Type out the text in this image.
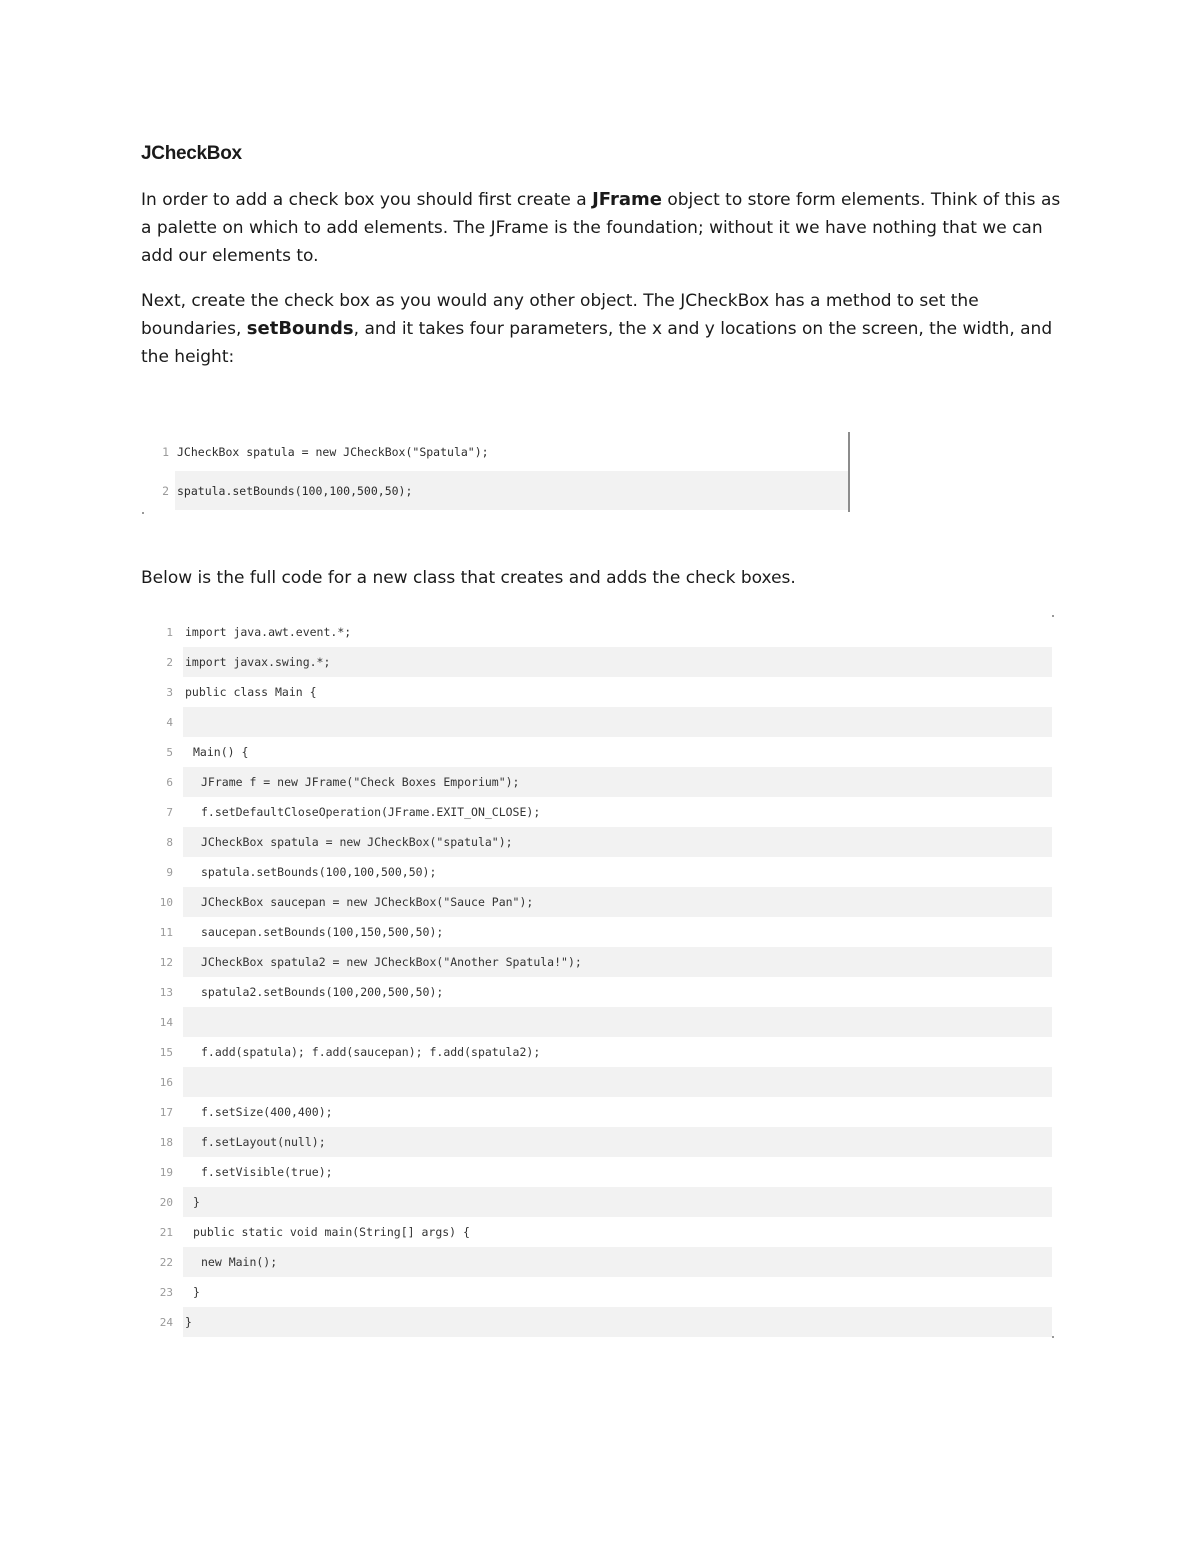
JCheckBox
In order to add a check box you should first create a JFrame object to store form elements. Think of this as a palette on which to add elements. The JFrame is the foundation; without it we have nothing that we can add our elements to.
Next, create the check box as you would any other object. The JCheckBox has a method to set the boundaries, setBounds, and it takes four parameters, the x and y locations on the screen, the width, and the height:
1 JCheckBox spatula = new JCheckBox("Spatula");
2 spatula.setBounds(100,100,500,50);
Below is the full code for a new class that creates and adds the check boxes.
1	import java.awt.event.*;
2	import javax.swing.*;
3	public class Main {
4
5	Main() {
6	JFrame f = new JFrame("Check Boxes Emporium");
7	f.setDefaultCloseOperation(JFrame.EXIT_ON_CLOSE);
8	JCheckBox spatula = new JCheckBox("spatula");
9	spatula.setBounds(100,100,500,50);
10	JCheckBox saucepan = new JCheckBox("Sauce Pan");
11	saucepan.setBounds(100,150,500,50);
12	JCheckBox spatula2 = new JCheckBox("Another Spatula!");
13	spatula2.setBounds(100,200,500,50);
14
15	f.add(spatula); f.add(saucepan); f.add(spatula2);
16
17	f.setSize(400,400);
18	f.setLayout(null);
19	f.setVisible(true);
20	}
21	public static void main(String[] args) {
22	new Main();
23	}
24	}
